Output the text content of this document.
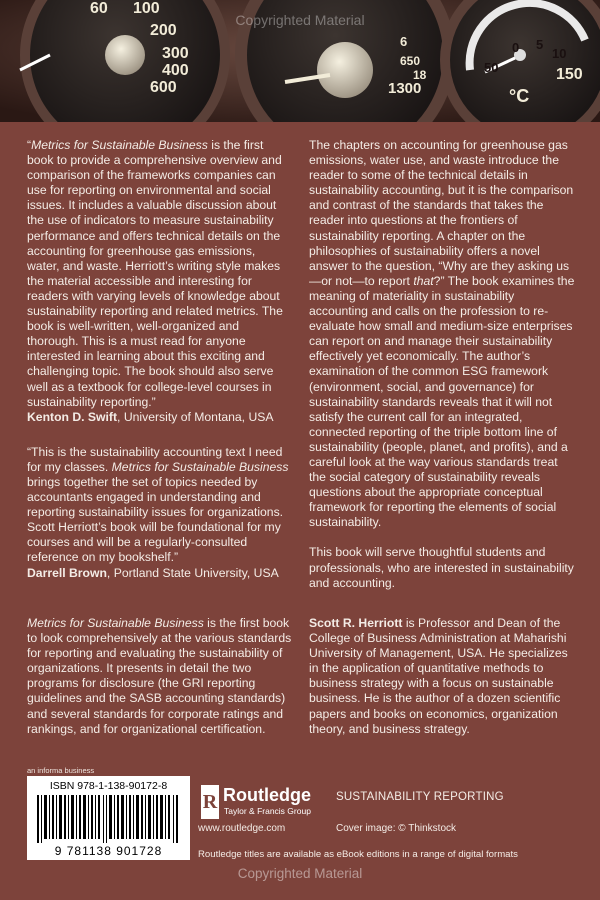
60 100
200
300
400
600
6
650
18
1300
50
0 5
10
150
°C
Copyrighted Material

“Metrics for Sustainable Business is the first book to provide a comprehensive overview and comparison of the frameworks companies can use for reporting on environmental and social issues. It includes a valuable discussion about the use of indicators to measure sustainability performance and offers technical details on the accounting for greenhouse gas emissions, water, and waste. Herriott’s writing style makes the material accessible and interesting for readers with varying levels of knowledge about sustainability reporting and related metrics. The book is well-written, well-organized and thorough. This is a must read for anyone interested in learning about this exciting and challenging topic. The book should also serve well as a textbook for college-level courses in sustainability reporting.”

Kenton D. Swift, University of Montana, USA

“This is the sustainability accounting text I need for my classes. Metrics for Sustainable Business brings together the set of topics needed by accountants engaged in understanding and reporting sustainability issues for organizations. Scott Herriott’s book will be foundational for my courses and will be a regularly-consulted reference on my bookshelf.”

Darrell Brown, Portland State University, USA

The chapters on accounting for greenhouse gas emissions, water use, and waste introduce the reader to some of the technical details in sustainability accounting, but it is the comparison and contrast of the standards that takes the reader into questions at the frontiers of sustainability reporting. A chapter on the philosophies of sustainability offers a novel answer to the question, “Why are they asking us—or not—to report that?” The book examines the meaning of materiality in sustainability accounting and calls on the profession to re-evaluate how small and medium-size enterprises can report on and manage their sustainability effectively yet economically. The author’s examination of the common ESG framework (environment, social, and governance) for sustainability standards reveals that it will not satisfy the current call for an integrated, connected reporting of the triple bottom line of sustainability (people, planet, and profits), and a careful look at the way various standards treat the social category of sustainability reveals questions about the appropriate conceptual framework for reporting the elements of social sustainability.

This book will serve thoughtful students and professionals, who are interested in sustainability and accounting.

Metrics for Sustainable Business is the first book to look comprehensively at the various standards for reporting and evaluating the sustainability of organizations. It presents in detail the two programs for disclosure (the GRI reporting guidelines and the SASB accounting standards) and several standards for corporate ratings and rankings, and for organizational certification.

Scott R. Herriott is Professor and Dean of the College of Business Administration at Maharishi University of Management, USA. He specializes in the application of quantitative methods to business strategy with a focus on sustainable business. He is the author of a dozen scientific papers and books on economics, organization theory, and business strategy.

an informa business
ISBN 978-1-138-90172-8
9 781138 901728
R Routledge
Taylor & Francis Group
www.routledge.com
SUSTAINABILITY REPORTING
Cover image: © Thinkstock
Routledge titles are available as eBook editions in a range of digital formats
Copyrighted Material
